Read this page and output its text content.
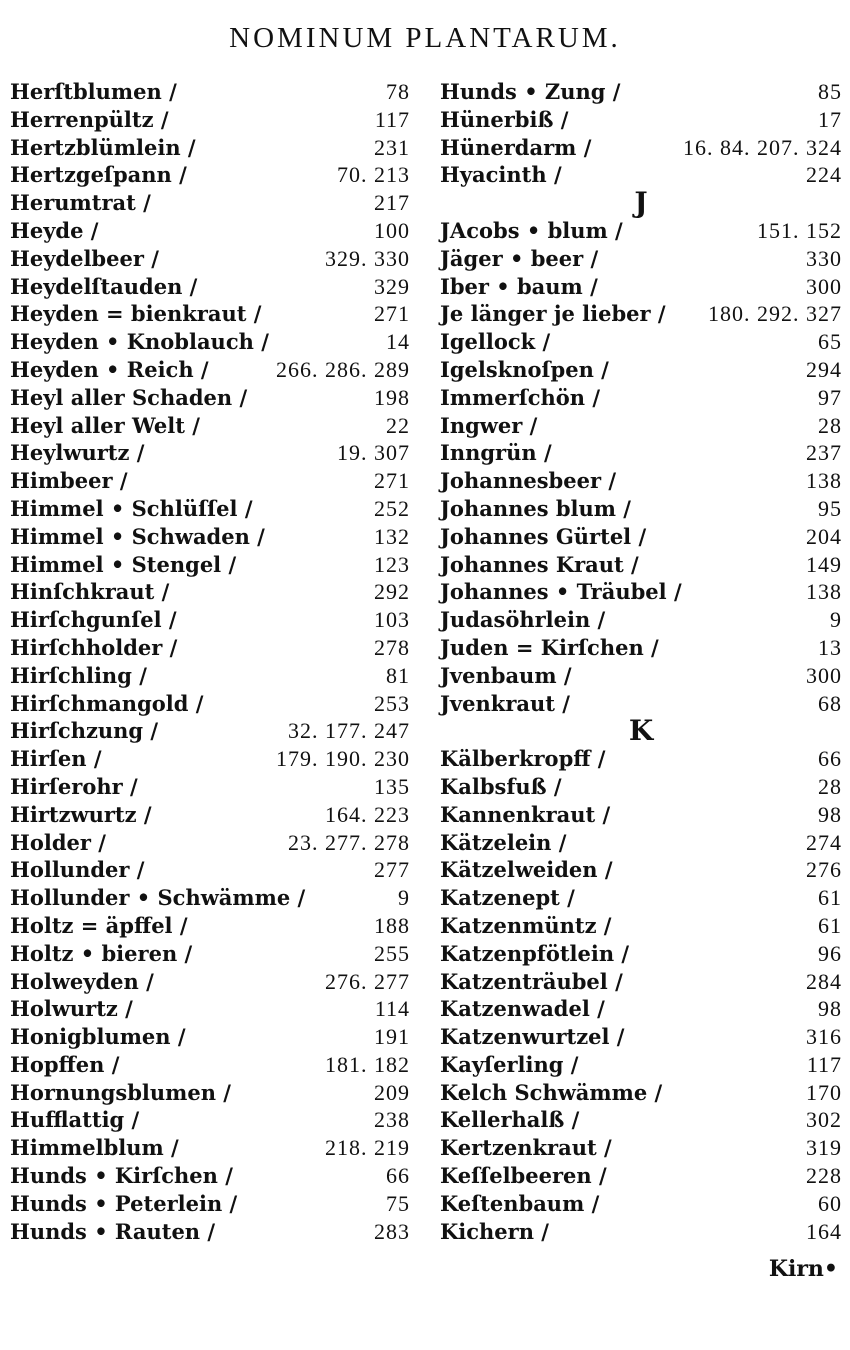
NOMINUM PLANTARUM.
Herſtblumen /	78
Herrenpültz /	117
Hertzblümlein /	231
Hertzgeſpann /	70. 213
Herumtrat /	217
Heyde /	100
Heydelbeer /	329. 330
Heydelſtauden /	329
Heyden = bienkraut /	271
Heyden • Knoblauch /	14
Heyden • Reich /	266. 286. 289
Heyl aller Schaden /	198
Heyl aller Welt /	22
Heylwurtz /	19. 307
Himbeer /	271
Himmel • Schlüſſel /	252
Himmel • Schwaden /	132
Himmel • Stengel /	123
Hinſchkraut /	292
Hirſchgunſel /	103
Hirſchholder /	278
Hirſchling /	81
Hirſchmangold /	253
Hirſchzung /	32. 177. 247
Hirſen /	179. 190. 230
Hirſerohr /	135
Hirtzwurtz /	164. 223
Holder /	23. 277. 278
Hollunder /	277
Hollunder • Schwämme /	9
Holtz = äpffel /	188
Holtz • bieren /	255
Holweyden /	276. 277
Holwurtz /	114
Honigblumen /	191
Hopffen /	181. 182
Hornungsblumen /	209
Hufflattig /	238
Himmelblum /	218. 219
Hunds • Kirſchen /	66
Hunds • Peterlein /	75
Hunds • Rauten /	283
Hunds • Zung /	85
Hünerbiß /	17
Hünerdarm /	16. 84. 207. 324
Hyacinth /	224
J
JAcobs • blum /	151. 152
Jäger • beer /	330
Iber • baum /	300
Je länger je lieber / 180. 292. 327
Igellock /	65
Igelsknoſpen /	294
Immerſchön /	97
Ingwer /	28
Inngrün /	237
Johannesbeer /	138
Johannes blum /	95
Johannes Gürtel /	204
Johannes Kraut /	149
Johannes • Träubel /	138
Judasöhrlein /	9
Juden = Kirſchen /	13
Jvenbaum /	300
Jvenkraut /	68
K
Kälberkropff /	66
Kalbsfuß /	28
Kannenkraut /	98
Kätzelein /	274
Kätzelweiden /	276
Katzenept /	61
Katzenmüntz /	61
Katzenpfötlein /	96
Katzenträubel /	284
Katzenwadel /	98
Katzenwurtzel /	316
Kayſerling /	117
Kelch Schwämme /	170
Kellerhalß /	302
Kertzenkraut /	319
Keſſelbeeren /	228
Keſtenbaum /	60
Kichern /	164
Kirn•
